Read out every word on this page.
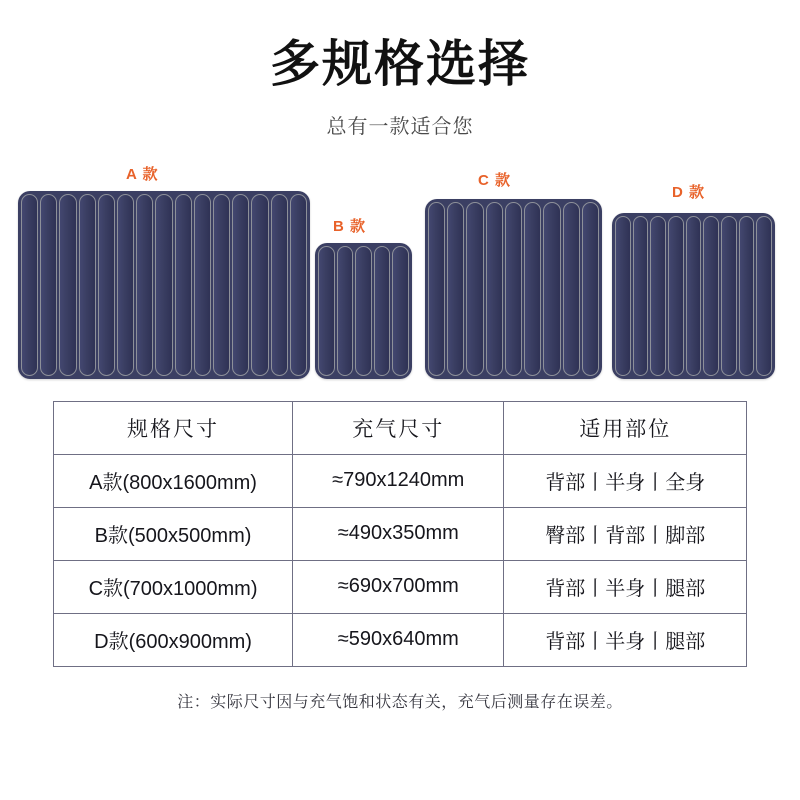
多规格选择

总有一款适合您

A 款
B 款
C 款
D 款
规格尺寸	充气尺寸	适用部位
A款(800x1600mm)	≈790x1240mm	背部丨半身丨全身
B款(500x500mm)	≈490x350mm	臀部丨背部丨脚部
C款(700x1000mm)	≈690x700mm	背部丨半身丨腿部
D款(600x900mm)	≈590x640mm	背部丨半身丨腿部
注：实际尺寸因与充气饱和状态有关，充气后测量存在误差。
